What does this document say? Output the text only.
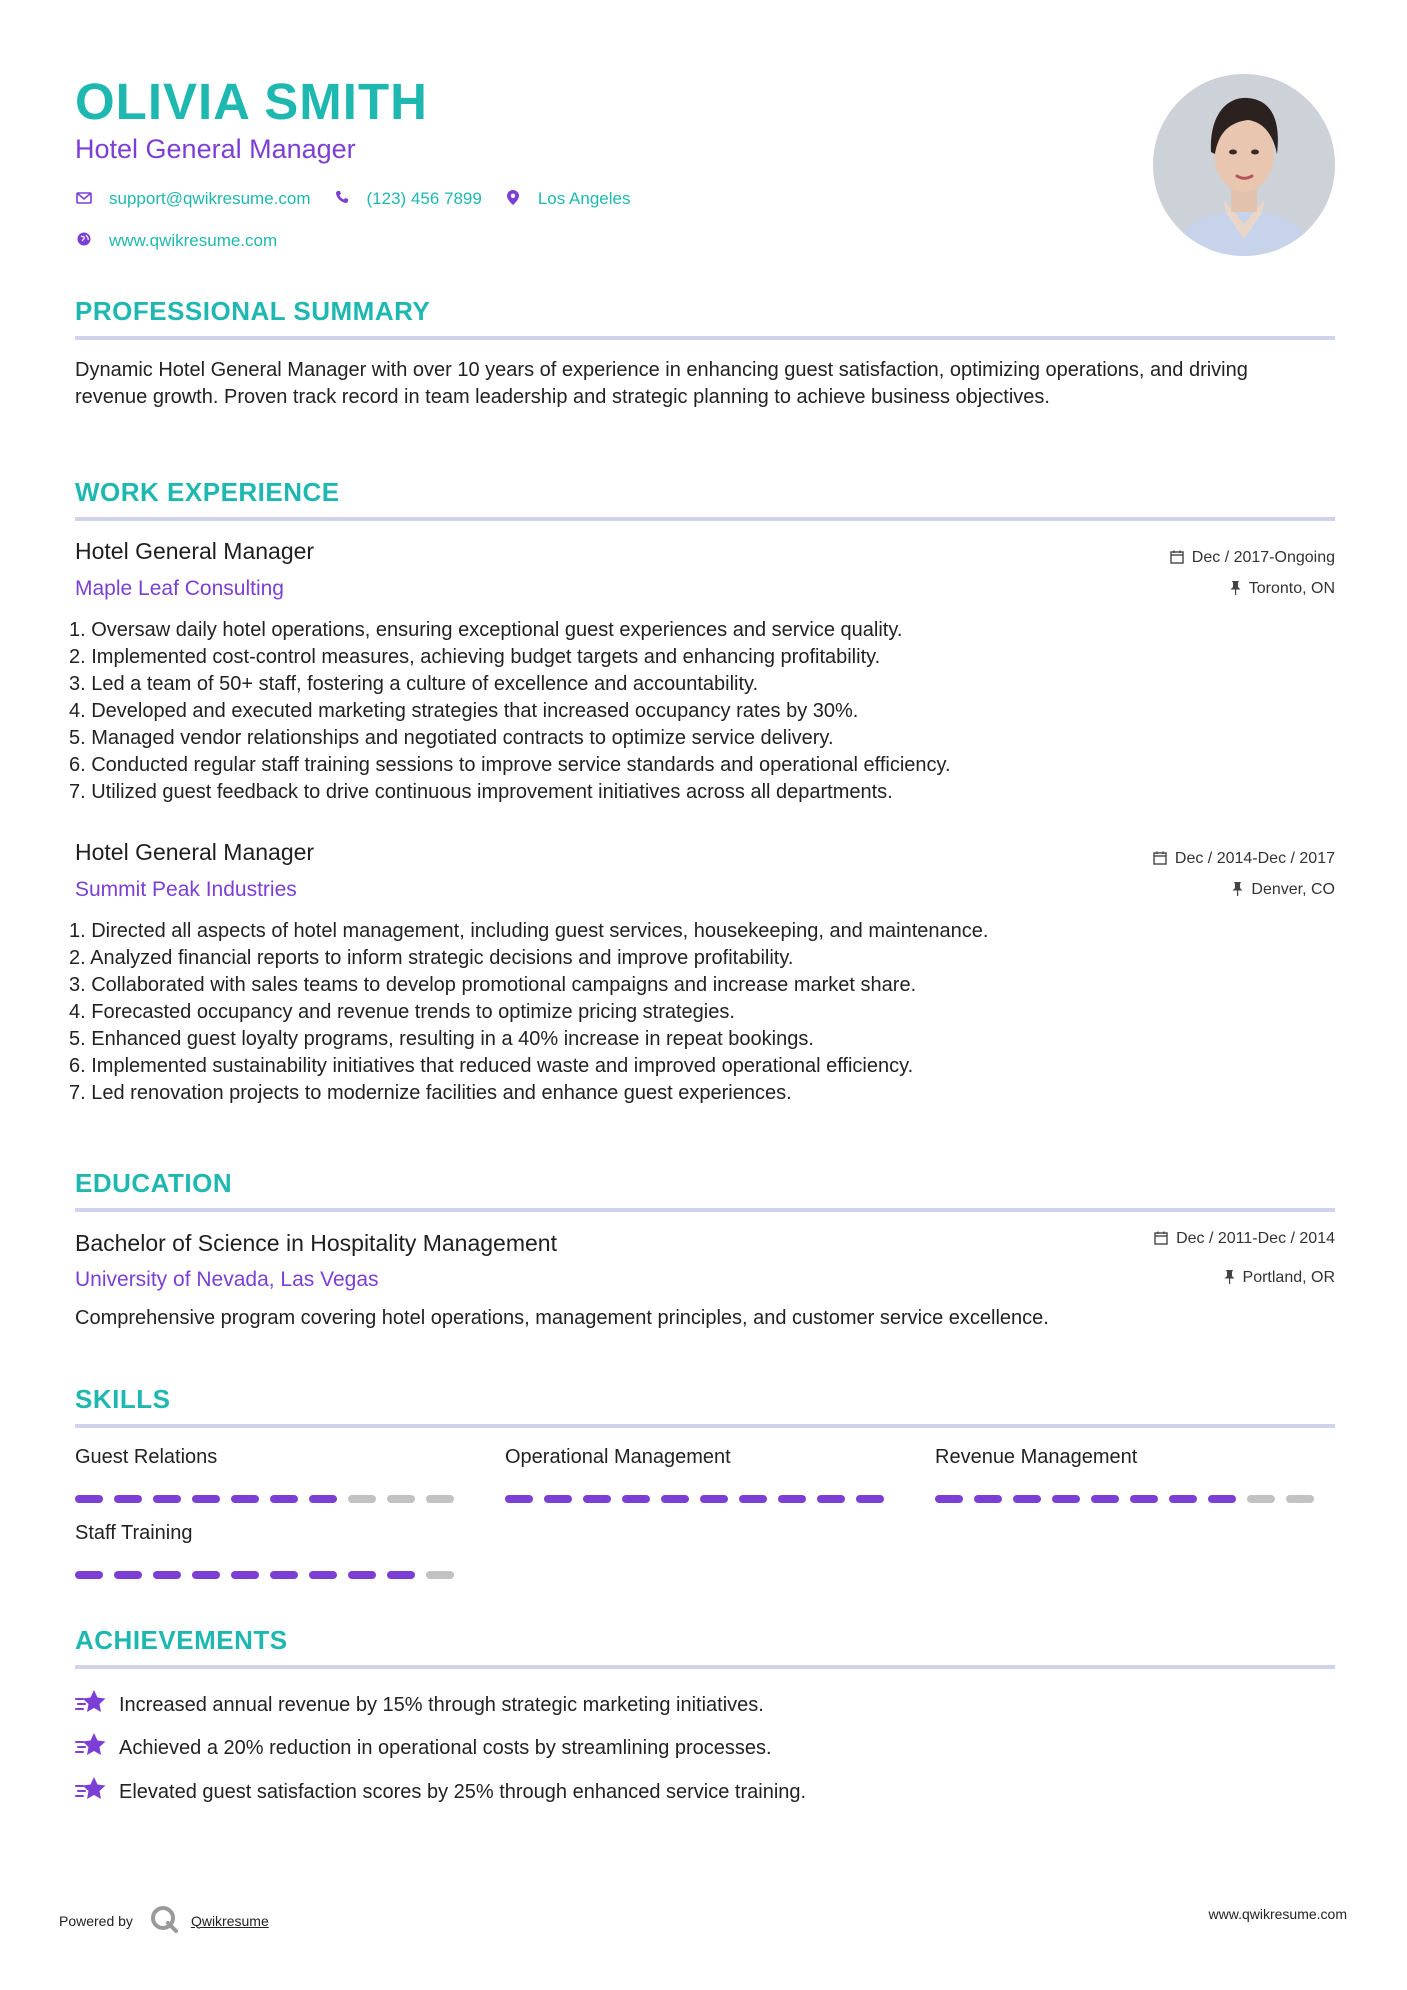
OLIVIA SMITH
Hotel General Manager
support@qwikresume.com	(123) 456 7899	Los Angeles
www.qwikresume.com
PROFESSIONAL SUMMARY
Dynamic Hotel General Manager with over 10 years of experience in enhancing guest satisfaction, optimizing operations, and driving revenue growth. Proven track record in team leadership and strategic planning to achieve business objectives.
WORK EXPERIENCE
Hotel General Manager
Maple Leaf Consulting
Dec / 2017-Ongoing
Toronto, ON
1. Oversaw daily hotel operations, ensuring exceptional guest experiences and service quality.
2. Implemented cost-control measures, achieving budget targets and enhancing profitability.
3. Led a team of 50+ staff, fostering a culture of excellence and accountability.
4. Developed and executed marketing strategies that increased occupancy rates by 30%.
5. Managed vendor relationships and negotiated contracts to optimize service delivery.
6. Conducted regular staff training sessions to improve service standards and operational efficiency.
7. Utilized guest feedback to drive continuous improvement initiatives across all departments.
Hotel General Manager
Summit Peak Industries
Dec / 2014-Dec / 2017
Denver, CO
1. Directed all aspects of hotel management, including guest services, housekeeping, and maintenance.
2. Analyzed financial reports to inform strategic decisions and improve profitability.
3. Collaborated with sales teams to develop promotional campaigns and increase market share.
4. Forecasted occupancy and revenue trends to optimize pricing strategies.
5. Enhanced guest loyalty programs, resulting in a 40% increase in repeat bookings.
6. Implemented sustainability initiatives that reduced waste and improved operational efficiency.
7. Led renovation projects to modernize facilities and enhance guest experiences.
EDUCATION
Bachelor of Science in Hospitality Management
University of Nevada, Las Vegas
Dec / 2011-Dec / 2014
Portland, OR
Comprehensive program covering hotel operations, management principles, and customer service excellence.
SKILLS
Guest Relations	Operational Management	Revenue Management
Staff Training
ACHIEVEMENTS
Increased annual revenue by 15% through strategic marketing initiatives.
Achieved a 20% reduction in operational costs by streamlining processes.
Elevated guest satisfaction scores by 25% through enhanced service training.
Powered by	Qwikresume	www.qwikresume.com
